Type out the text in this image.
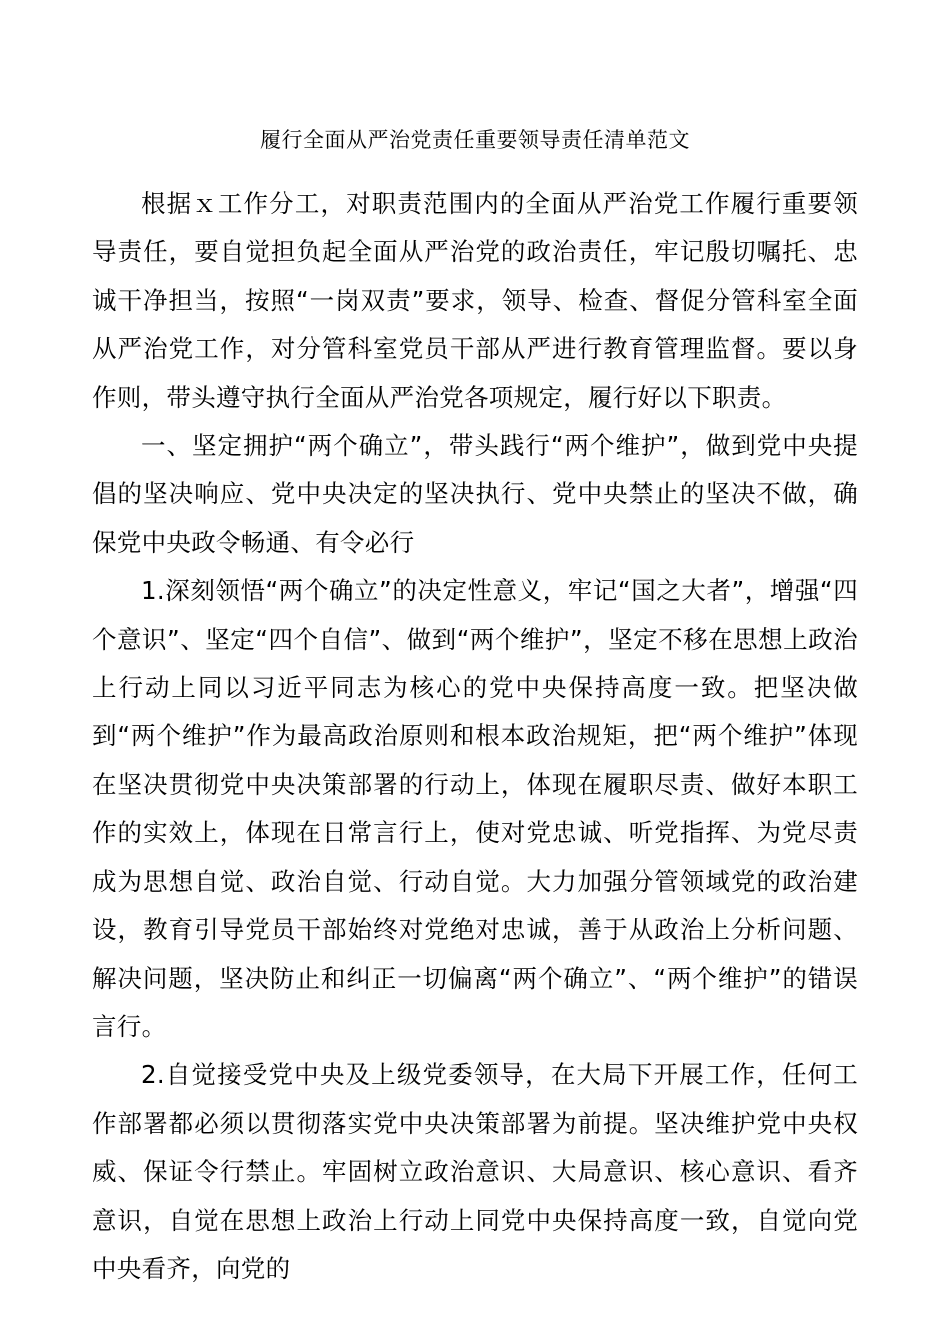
履行全面从严治党责任重要领导责任清单范文

根据ｘ工作分工，对职责范围内的全面从严治党工作履行重要领导责任，要自觉担负起全面从严治党的政治责任，牢记殷切嘱托、忠诚干净担当，按照“一岗双责”要求，领导、检查、督促分管科室全面从严治党工作，对分管科室党员干部从严进行教育管理监督。要以身作则，带头遵守执行全面从严治党各项规定，履行好以下职责。

一、坚定拥护“两个确立”，带头践行“两个维护”，做到党中央提倡的坚决响应、党中央决定的坚决执行、党中央禁止的坚决不做，确保党中央政令畅通、有令必行

1.深刻领悟“两个确立”的决定性意义，牢记“国之大者”，增强“四个意识”、坚定“四个自信”、做到“两个维护”，坚定不移在思想上政治上行动上同以习近平同志为核心的党中央保持高度一致。把坚决做到“两个维护”作为最高政治原则和根本政治规矩，把“两个维护”体现在坚决贯彻党中央决策部署的行动上，体现在履职尽责、做好本职工作的实效上，体现在日常言行上，使对党忠诚、听党指挥、为党尽责成为思想自觉、政治自觉、行动自觉。大力加强分管领域党的政治建设，教育引导党员干部始终对党绝对忠诚，善于从政治上分析问题、解决问题，坚决防止和纠正一切偏离“两个确立”、“两个维护”的错误言行。

2.自觉接受党中央及上级党委领导，在大局下开展工作，任何工作部署都必须以贯彻落实党中央决策部署为前提。坚决维护党中央权威、保证令行禁止。牢固树立政治意识、大局意识、核心意识、看齐意识，自觉在思想上政治上行动上同党中央保持高度一致，自觉向党中央看齐，向党的
